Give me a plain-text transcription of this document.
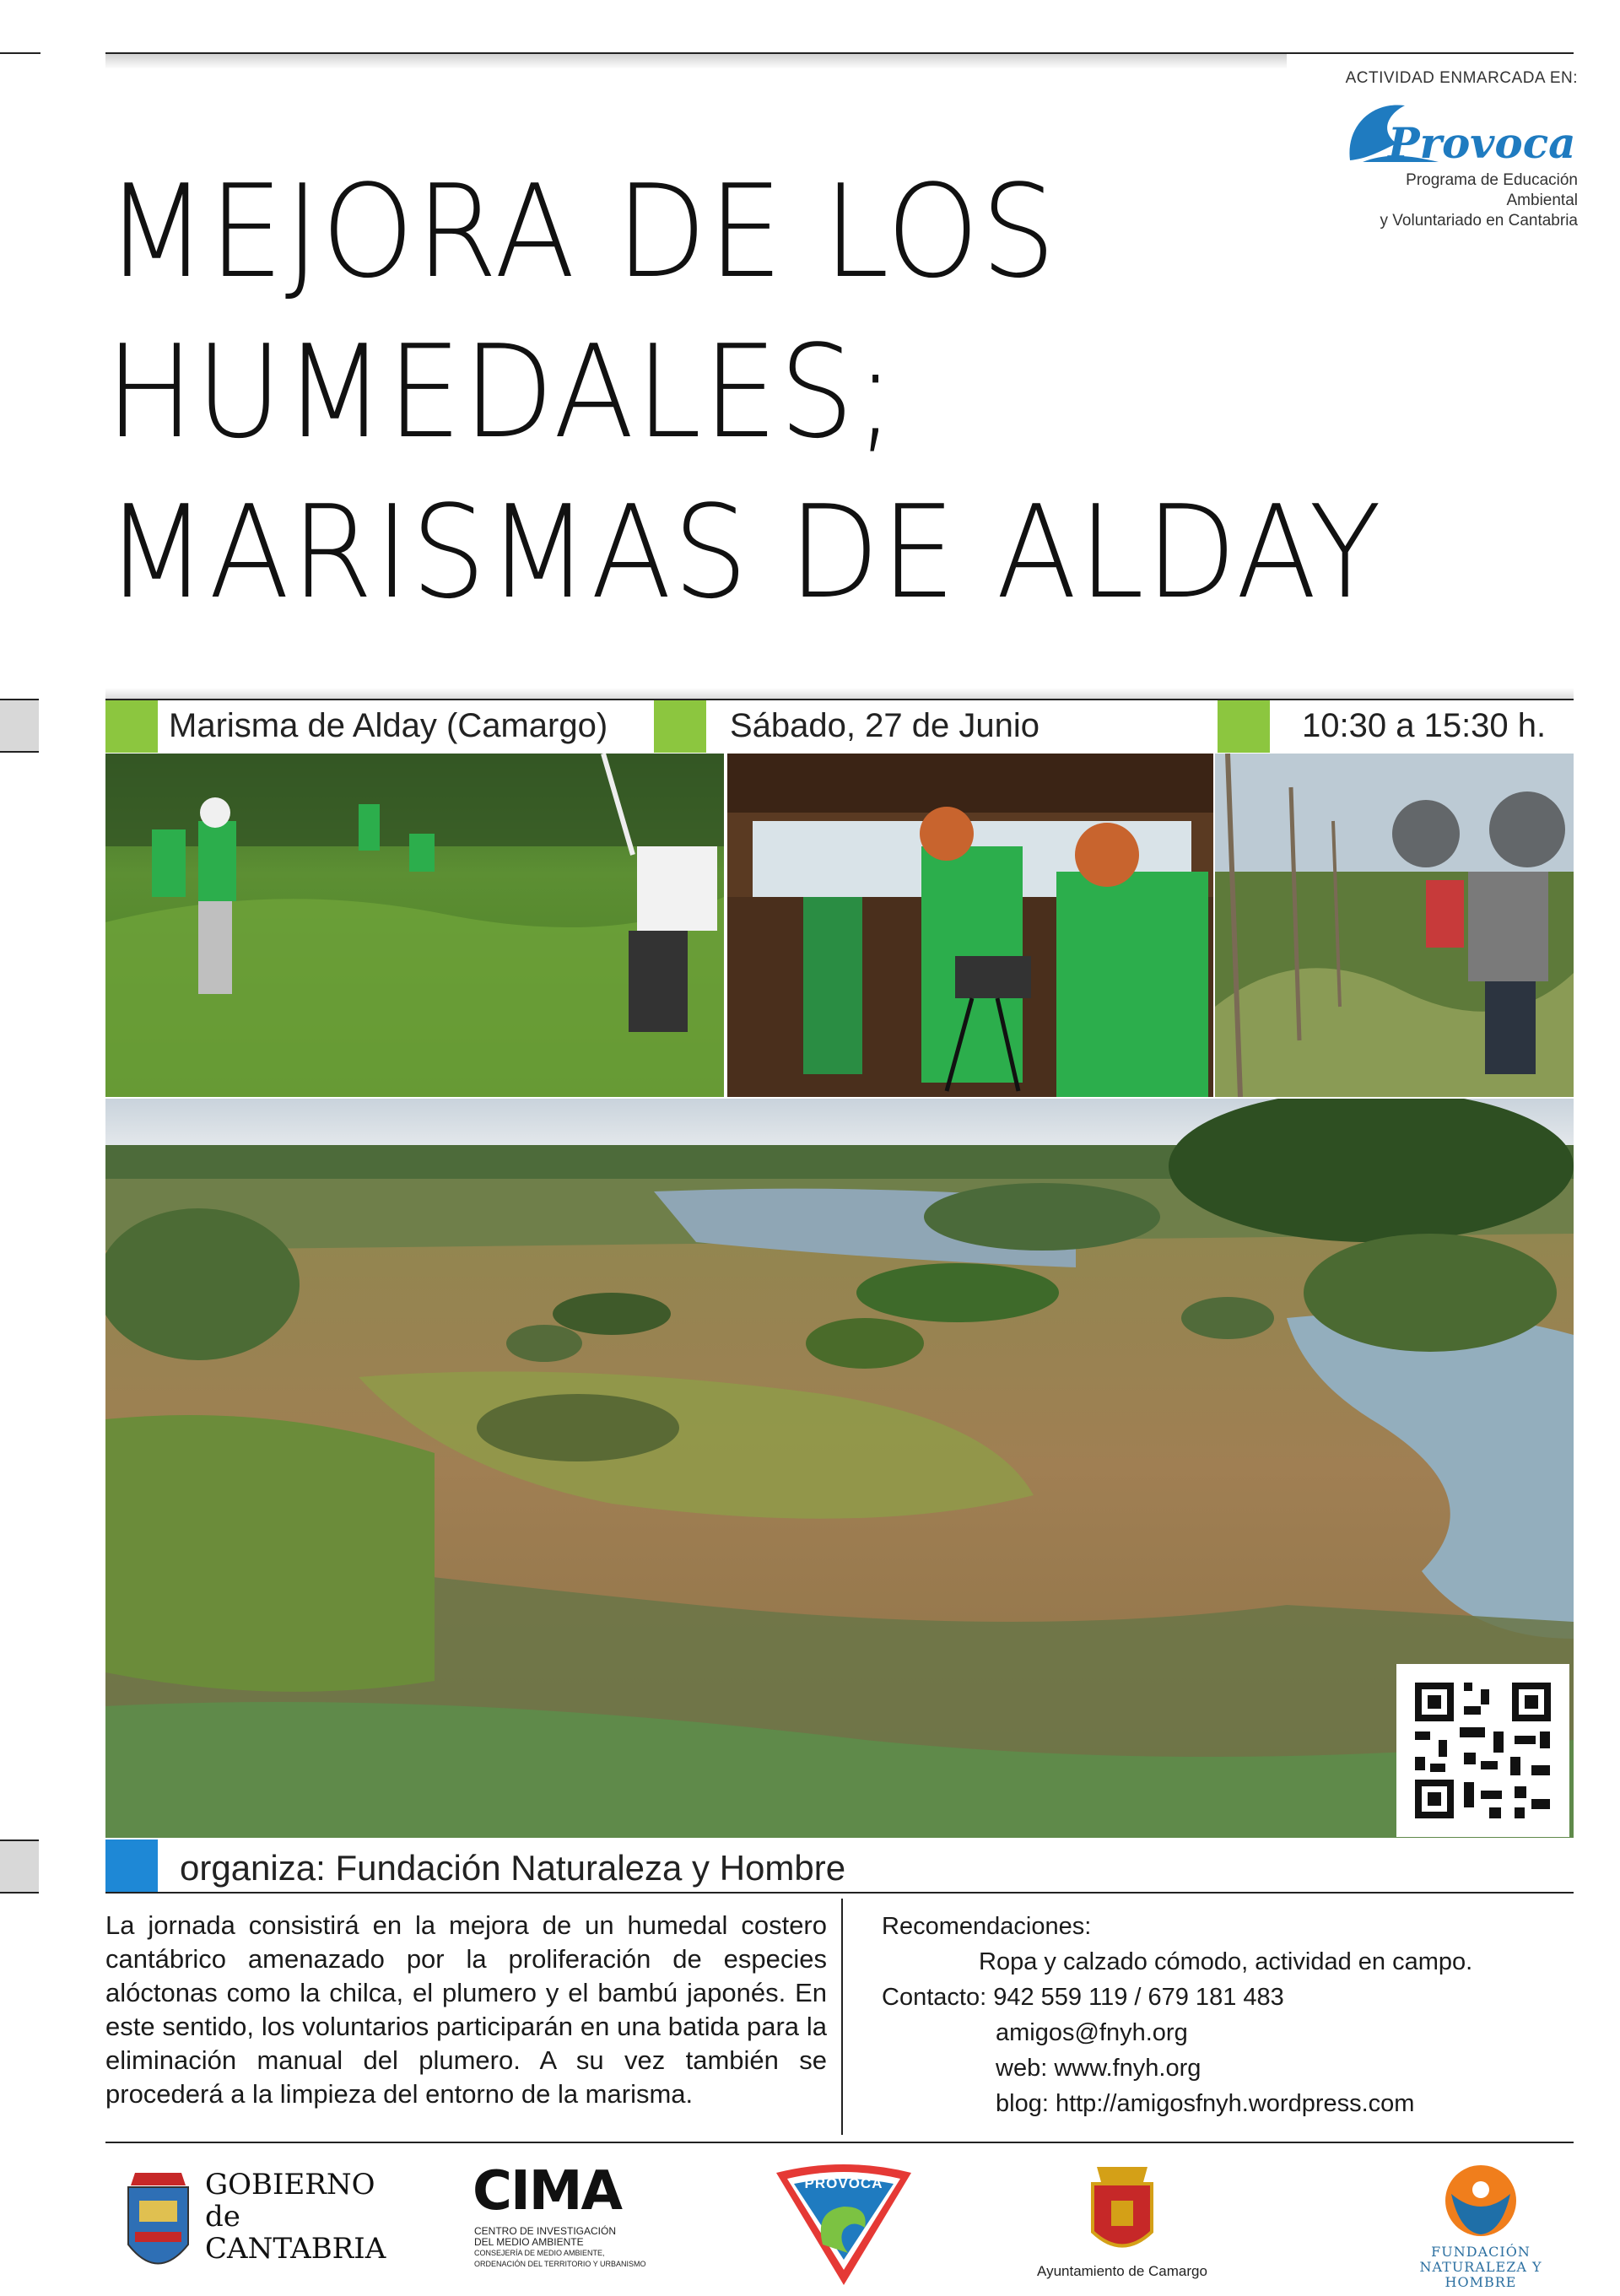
ACTIVIDAD ENMARCADA EN:
Provoca
Programa de Educación Ambiental
y Voluntariado en Cantabria
MEJORA DE LOS
HUMEDALES;
MARISMAS DE ALDAY
Marisma de Alday (Camargo)	Sábado, 27 de Junio	10:30 a 15:30 h.
organiza: Fundación Naturaleza y Hombre
La jornada consistirá en la mejora de un humedal costero cantábrico amenazado por la proliferación de especies alóctonas como la chilca, el plumero y el bambú japonés. En este sentido, los voluntarios participarán en una batida para la eliminación manual del plumero. A su vez también se procederá a la limpieza del entorno de la marisma.
Recomendaciones:
Ropa y calzado cómodo, actividad en campo.
Contacto: 942 559 119 / 679 181 483
amigos@fnyh.org
web: www.fnyh.org
blog: http://amigosfnyh.wordpress.com
GOBIERNO
de
CANTABRIA
CIMA
CENTRO DE INVESTIGACIÓN
DEL MEDIO AMBIENTE
CONSEJERÍA DE MEDIO AMBIENTE,
ORDENACIÓN DEL TERRITORIO Y URBANISMO
PROVOCA
Ayuntamiento de Camargo
FUNDACIÓN
NATURALEZA Y HOMBRE
